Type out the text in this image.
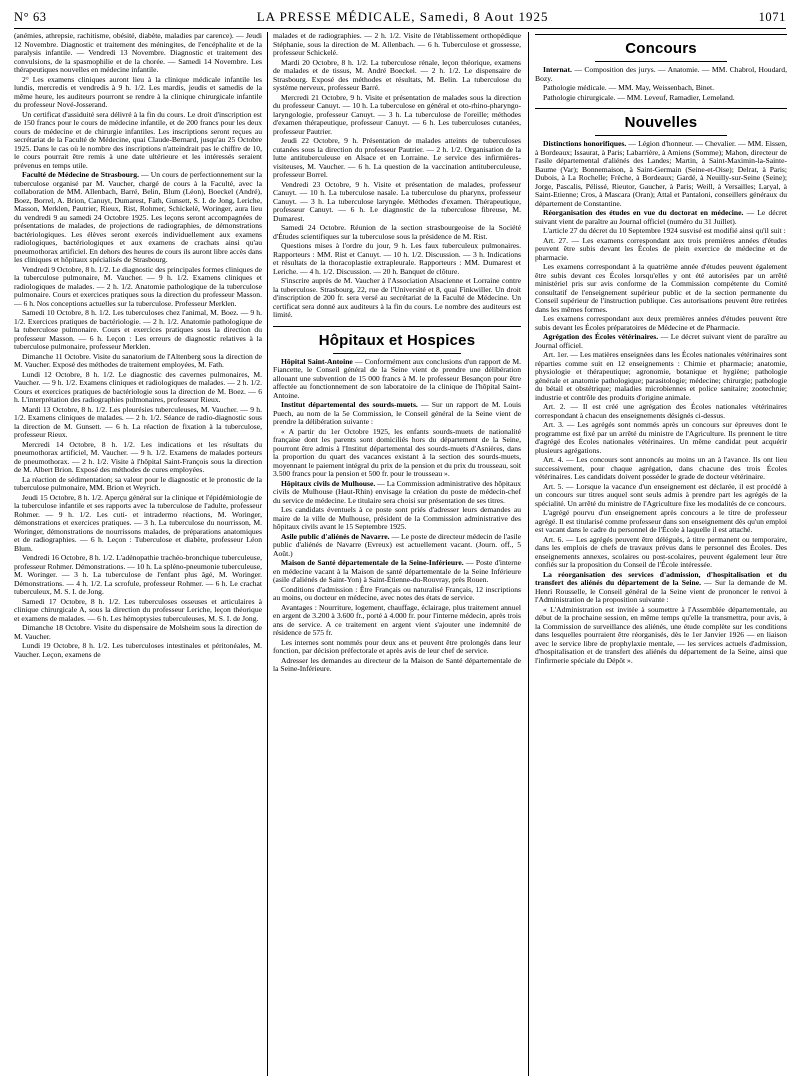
N° 63	LA PRESSE MÉDICALE, Samedi, 8 Aout 1925	1071

(anémies, athrepsie, rachitisme, obésité, diabète, maladies par carence). — Jeudi 12 Novembre. Diagnostic et traitement des méningites, de l'encéphalite et de la paralysis infantile. — Vendredi 13 Novembre. Diagnostic et traitement des convulsions, de la spasmophilie et de la chorée. — Samedi 14 Novembre. Les thérapeutiques nouvelles en médecine infantile.

2° Les examens cliniques auront lieu à la clinique médicale infantile les lundis, mercredis et vendredis à 9 h. 1/2. Les mardis, jeudis et samedis de la même heure, les auditeurs pourront se rendre à la clinique chirurgicale infantile du professeur Nové-Josserand.

Un certificat d'assiduité sera délivré à la fin du cours. Le droit d'inscription est de 150 francs pour le cours de médecine infantile, et de 200 francs pour les deux cours de médecine et de chirurgie infantiles. Les inscriptions seront reçues au secrétariat de la Faculté de Médecine, quai Claude-Bernard, jusqu'au 25 Octobre 1925. Dans le cas où le nombre des inscriptions n'atteindrait pas le chiffre de 10, le cours pourrait être remis à une date ultérieure et les intéressés seraient prévenus en temps utile.

Faculté de Médecine de Strasbourg. — Un cours de perfectionnement sur la tuberculose organisé par M. Vaucher, chargé de cours à la Faculté, avec la collaboration de MM. Allenbach, Barré, Belin, Blum (Léon), Boeckel (André), Boez, Borrel, A. Brion, Canuyt, Dumarest, Fath, Gunsett, S. I. de Jong, Leriche, Masson, Merklen, Pautrier, Rieux, Rist, Rohmer, Schickelé, Woringer, aura lieu du vendredi 9 au samedi 24 Octobre 1925. Les leçons seront accompagnées de présentations de malades, de projections de radiographies, de démonstrations bactériologiques. Les élèves seront exercés individuellement aux examens radiologiques, bactériologiques et aux examens de crachats ainsi qu'au pneumothorax artificiel. En dehors des heures de cours ils auront libre accès dans les cliniques et hôpitaux spécialisés de Strasbourg.

Vendredi 9 Octobre, 8 h. 1/2. Le diagnostic des principales formes cliniques de la tuberculose pulmonaire, M. Vaucher. — 9 h. 1/2. Examens cliniques et radiologiques de malades. — 2 h. 1/2. Anatomie pathologique de la tuberculose pulmonaire. Cours et exercices pratiques sous la direction du professeur Masson. — 6 h. Nos conceptions actuelles sur la tuberculose. Professeur Merklen.

Samedi 10 Octobre, 8 h. 1/2. Les tuberculoses chez l'animal, M. Boez. — 9 h. 1/2. Exercices pratiques de bactériologie. — 2 h. 1/2. Anatomie pathologique de la tuberculose pulmonaire. Cours et exercices pratiques sous la direction du professeur Masson. — 6 h. Leçon : Les erreurs de diagnostic relatives à la tuberculose pulmonaire, professeur Merklen.

Dimanche 11 Octobre. Visite du sanatorium de l'Altenberg sous la direction de M. Vaucher. Exposé des méthodes de traitement employées, M. Fath.

Lundi 12 Octobre, 8 h. 1/2. Le diagnostic des cavernes pulmonaires, M. Vaucher. — 9 h. 1/2. Examens cliniques et radiologiques de malades. — 2 h. 1/2. Cours et exercices pratiques de bactériologie sous la direction de M. Boez. — 6 h. L'interprétation des radiographies pulmonaires, professeur Rieux.

Mardi 13 Octobre, 8 h. 1/2. Les pleurésies tuberculeuses, M. Vaucher. — 9 h. 1/2. Examens cliniques de malades. — 2 h. 1/2. Séance de radio-diagnostic sous la direction de M. Gunsett. — 6 h. La réaction de fixation à la tuberculose, professeur Rieux.

Mercredi 14 Octobre, 8 h. 1/2. Les indications et les résultats du pneumothorax artificiel, M. Vaucher. — 9 h. 1/2. Examens de malades porteurs de pneumothorax. — 2 h. 1/2. Visite à l'hôpital Saint-François sous la direction de M. Albert Brion. Exposé des méthodes de cures employées.

La réaction de sédimentation; sa valeur pour le diagnostic et le pronostic de la tuberculose pulmonaire, MM. Brion et Weyrich.

Jeudi 15 Octobre, 8 h. 1/2. Aperçu général sur la clinique et l'épidémiologie de la tuberculose infantile et ses rapports avec la tuberculose de l'adulte, professeur Rohmer. — 9 h. 1/2. Les cuti- et intradermo réactions, M. Woringer, démonstrations et exercices pratiques. — 3 h. La tuberculose du nourrisson, M. Woringer, démonstrations de nourrissons malades, de préparations anatomiques et de radiographies. — 6 h. Leçon : Tuberculose et diabète, professeur Léon Blum.

Vendredi 16 Octobre, 8 h. 1/2. L'adénopathie trachéo-bronchique tuberculeuse, professeur Rohmer. Démonstrations. — 10 h. La spléno-pneumonie tuberculeuse, M. Woringer. — 3 h. La tuberculose de l'enfant plus âgé, M. Woringer. Démonstrations. — 4 h. 1/2. La scrofule, professeur Rohmer. — 6 h. Le crachat tuberculeux, M. S. I. de Jong.

Samedi 17 Octobre, 8 h. 1/2. Les tuberculoses osseuses et articulaires à clinique chirurgicale A, sous la direction du professeur Leriche, leçon théorique et examens de malades. — 6 h. Les hémoptysies tuberculeuses, M. S. I. de Jong.

Dimanche 18 Octobre. Visite du dispensaire de Molsheim sous la direction de M. Vaucher.

Lundi 19 Octobre, 8 h. 1/2. Les tuberculoses intestinales et péritonéales, M. Vaucher. Leçon, examens de

malades et de radiographies. — 2 h. 1/2. Visite de l'établissement orthopédique Stéphanie, sous la direction de M. Allenbach. — 6 h. Tuberculose et grossesse, professeur Schickelé.

Mardi 20 Octobre, 8 h. 1/2. La tuberculose rénale, leçon théorique, examens de malades et de tissus, M. André Boeckel. — 2 h. 1/2. Le dispensaire de Strasbourg. Exposé des méthodes et résultats, M. Belin. La tuberculose du système nerveux, professeur Barré.

Mercredi 21 Octobre, 9 h. Visite et présentation de malades sous la direction du professeur Canuyt. — 10 h. La tuberculose en général et oto-rhino-pharyngo-laryngologie, professeur Canuyt. — 3 h. La tuberculose de l'oreille; méthodes d'examen thérapeutique, professeur Canuyt. — 6 h. Les tuberculoses cutanées, professeur Pautrier.

Jeudi 22 Octobre, 9 h. Présentation de malades atteints de tuberculoses cutanées sous la direction du professeur Pautrier. — 2 h. 1/2. Organisation de la lutte antituberculeuse en Alsace et en Lorraine. Le service des infirmières-visiteuses, M. Vaucher. — 6 h. La question de la vaccination antituberculeuse, professeur Borrel.

Vendredi 23 Octobre, 9 h. Visite et présentation de malades, professeur Canuyt. — 10 h. La tuberculose nasale. La tuberculose du pharynx, professeur Canuyt. — 3 h. La tuberculose laryngée. Méthodes d'examen. Thérapeutique, professeur Canuyt. — 6 h. Le diagnostic de la tuberculose fibreuse, M. Dumarest.

Samedi 24 Octobre. Réunion de la section strasbourgeoise de la Société d'Études scientifiques sur la tuberculose sous la présidence de M. Rist.

Questions mises à l'ordre du jour, 9 h. Les faux tuberculeux pulmonaires. Rapporteurs : MM. Rist et Canuyt. — 10 h. 1/2. Discussion. — 3 h. Indications et résultats de la thoracoplastie extrapleurale. Rapporteurs : MM. Dumarest et Leriche. — 4 h. 1/2. Discussion. — 20 h. Banquet de clôture.

S'inscrire auprès de M. Vaucher à l'Association Alsacienne et Lorraine contre la tuberculose. Strasbourg, 22, rue de l'Université et 8, quai Finkwiller. Un droit d'inscription de 200 fr. sera versé au secrétariat de la Faculté de Médecine. Un certificat sera donné aux auditeurs à la fin du cours. Le nombre des auditeurs est limité.

Hôpitaux et Hospices

Hôpital Saint-Antoine — Conformément aux conclusions d'un rapport de M. Fiancette, le Conseil général de la Seine vient de prendre une délibération allouant une subvention de 15 000 francs à M. le professeur Besançon pour être affectée au fonctionnement de son laboratoire de la clinique de l'hôpital Saint-Antoine.

Institut départemental des sourds-muets. — Sur un rapport de M. Louis Puech, au nom de la 5e Commission, le Conseil général de la Seine vient de prendre la délibération suivante :

« A partir du 1er Octobre 1925, les enfants sourds-muets de nationalité française dont les parents sont domiciliés hors du département de la Seine, pourront être admis à l'Institut départemental des sourds-muets d'Asnières, dans la proportion du quart des vacances existant à la section des sourds-muets, moyennant le paiement intégral du prix de la pension et du prix du trousseau, soit 3.500 francs pour la pension et 500 fr. pour le trousseau ».

Hôpitaux civils de Mulhouse. — La Commission administrative des hôpitaux civils de Mulhouse (Haut-Rhin) envisage la création du poste de médecin-chef du service de médecine. Le titulaire sera choisi sur présentation de ses titres.

Les candidats éventuels à ce poste sont priés d'adresser leurs demandes au maire de la ville de Mulhouse, président de la Commission administrative des hôpitaux civils avant le 15 Septembre 1925.

Asile public d'aliénés de Navarre. — Le poste de directeur médecin de l'asile public d'aliénés de Navarre (Evreux) est actuellement vacant. (Journ. off., 5 Août.)

Maison de Santé départementale de la Seine-Inférieure. — Poste d'interne en médecine vacant à la Maison de santé départementale de la Seine Inférieure (asile d'aliénés de Saint-Yon) à Saint-Étienne-du-Rouvray, près Rouen.

Conditions d'admission : Être Français ou naturalisé Français, 12 inscriptions au moins, ou docteur en médecine, avec notes des états de service.

Avantages : Nourriture, logement, chauffage, éclairage, plus traitement annuel en argent de 3.200 à 3.600 fr., porté à 4.000 fr. pour l'interne médecin, après trois ans de service. A ce traitement en argent vient s'ajouter une indemnité de résidence de 575 fr.

Les internes sont nommés pour deux ans et peuvent être prolongés dans leur fonction, par décision préfectorale et après avis de leur chef de service.

Adresser les demandes au directeur de la Maison de Santé départementale de la Seine-Inférieure.

Concours

Internat. — Composition des jurys. — Anatomie. — MM. Chabrol, Houdard, Bozy.

Pathologie médicale. — MM. May, Weissenbach, Binet.

Pathologie chirurgicale. — MM. Leveuf, Ramadier, Lemeland.

Nouvelles

Distinctions honorifiques. — Légion d'honneur. — Chevalier. — MM. Eissen, à Bordeaux; Issaurat, à Paris; Labarrière, à Amiens (Somme); Mahon, directeur de l'asile départemental d'aliénés des Landes; Martin, à Saint-Maximin-la-Sainte-Baume (Var); Bonnemaison, à Saint-Germain (Seine-et-Oise); Delrat, à Paris; Dubois, à La Rochelle; Frèche, à Bordeaux; Gardé, à Neuilly-sur-Seine (Seine); Jorge, Pascalis, Pélissé, Rieutor, Gaucher, à Paris; Weill, à Versailles; Laryal, à Saint-Etienne; Cros, à Mascara (Oran); Attal et Pantaloni, conseillers généraux du département de Constantine.

Réorganisation des études en vue du doctorat en médecine. — Le décret suivant vient de paraître au Journal officiel (numéro du 31 Juillet).

L'article 27 du décret du 10 Septembre 1924 susvisé est modifié ainsi qu'il suit :

Art. 27. — Les examens correspondant aux trois premières années d'études peuvent être subis devant les Écoles de plein exercice de médecine et de pharmacie.

Les examens correspondant à la quatrième année d'études peuvent également être subis devant ces Écoles lorsqu'elles y ont été autorisées par un arrêté ministériel pris sur avis conforme de la Commission compétente du Comité consultatif de l'enseignement supérieur public et de la section permanente du Conseil supérieur de l'instruction publique. Ces autorisations peuvent être retirées dans les mêmes formes.

Les examens correspondant aux deux premières années d'études peuvent être subis devant les Écoles préparatoires de Médecine et de Pharmacie.

Agrégation des Écoles vétérinaires. — Le décret suivant vient de paraître au Journal officiel.

Art. 1er. — Les matières enseignées dans les Écoles nationales vétérinaires sont réparties comme suit en 12 enseignements : Chimie et pharmacie; anatomie, physiologie et thérapeutique; agronomie, botanique et hygiène; pathologie générale et anatomie pathologique; parasitologie; médecine; chirurgie; pathologie du bétail et obstétrique; maladies microbiennes et police sanitaire; zootechnie; industrie et contrôle des produits d'origine animale.

Art. 2. — Il est créé une agrégation des Écoles nationales vétérinaires correspondant à chacun des enseignements désignés ci-dessus.

Art. 3. — Les agrégés sont nommés après un concours sur épreuves dont le programme est fixé par un arrêté du ministre de l'Agriculture. Ils prennent le titre d'agrégé des Écoles nationales vétérinaires. Un même candidat peut acquérir plusieurs agrégations.

Art. 4. — Les concours sont annoncés au moins un an à l'avance. Ils ont lieu successivement, pour chaque agrégation, dans chacune des trois Écoles vétérinaires. Les candidats doivent posséder le grade de docteur vétérinaire.

Art. 5. — Lorsque la vacance d'un enseignement est déclarée, il est procédé à un concours sur titres auquel sont seuls admis à prendre part les agrégés de la spécialité. Un arrêté du ministre de l'Agriculture fixe les modalités de ce concours.

L'agrégé pourvu d'un enseignement après concours a le titre de professeur agrégé. Il est titularisé comme professeur dans son enseignement dès qu'un emploi est vacant dans le cadre du personnel de l'École à laquelle il est attaché.

Art. 6. — Les agrégés peuvent être délégués, à titre permanent ou temporaire, dans les emplois de chefs de travaux prévus dans le personnel des Écoles. Des enseignements annexes, scolaires ou post-scolaires, peuvent également leur être confiés sur la proposition du Conseil de l'École intéressée.

La réorganisation des services d'admission, d'hospitalisation et du transfert des aliénés du département de la Seine. — Sur la demande de M. Henri Rousselle, le Conseil général de la Seine vient de prononcer le renvoi à l'Administration de la proposition suivante :

« L'Administration est invitée à soumettre à l'Assemblée départementale, au début de la prochaine session, en même temps qu'elle la transmettra, pour avis, à la Commission de surveillance des aliénés, une étude complète sur les conditions dans lesquelles pourraient être réorganisés, dès le 1er Janvier 1926 — en liaison avec le service libre de prophylaxie mentale, — les services actuels d'admission, d'hospitalisation et de transfert des aliénés du département de la Seine, ainsi que l'infirmerie spéciale du Dépôt ».
